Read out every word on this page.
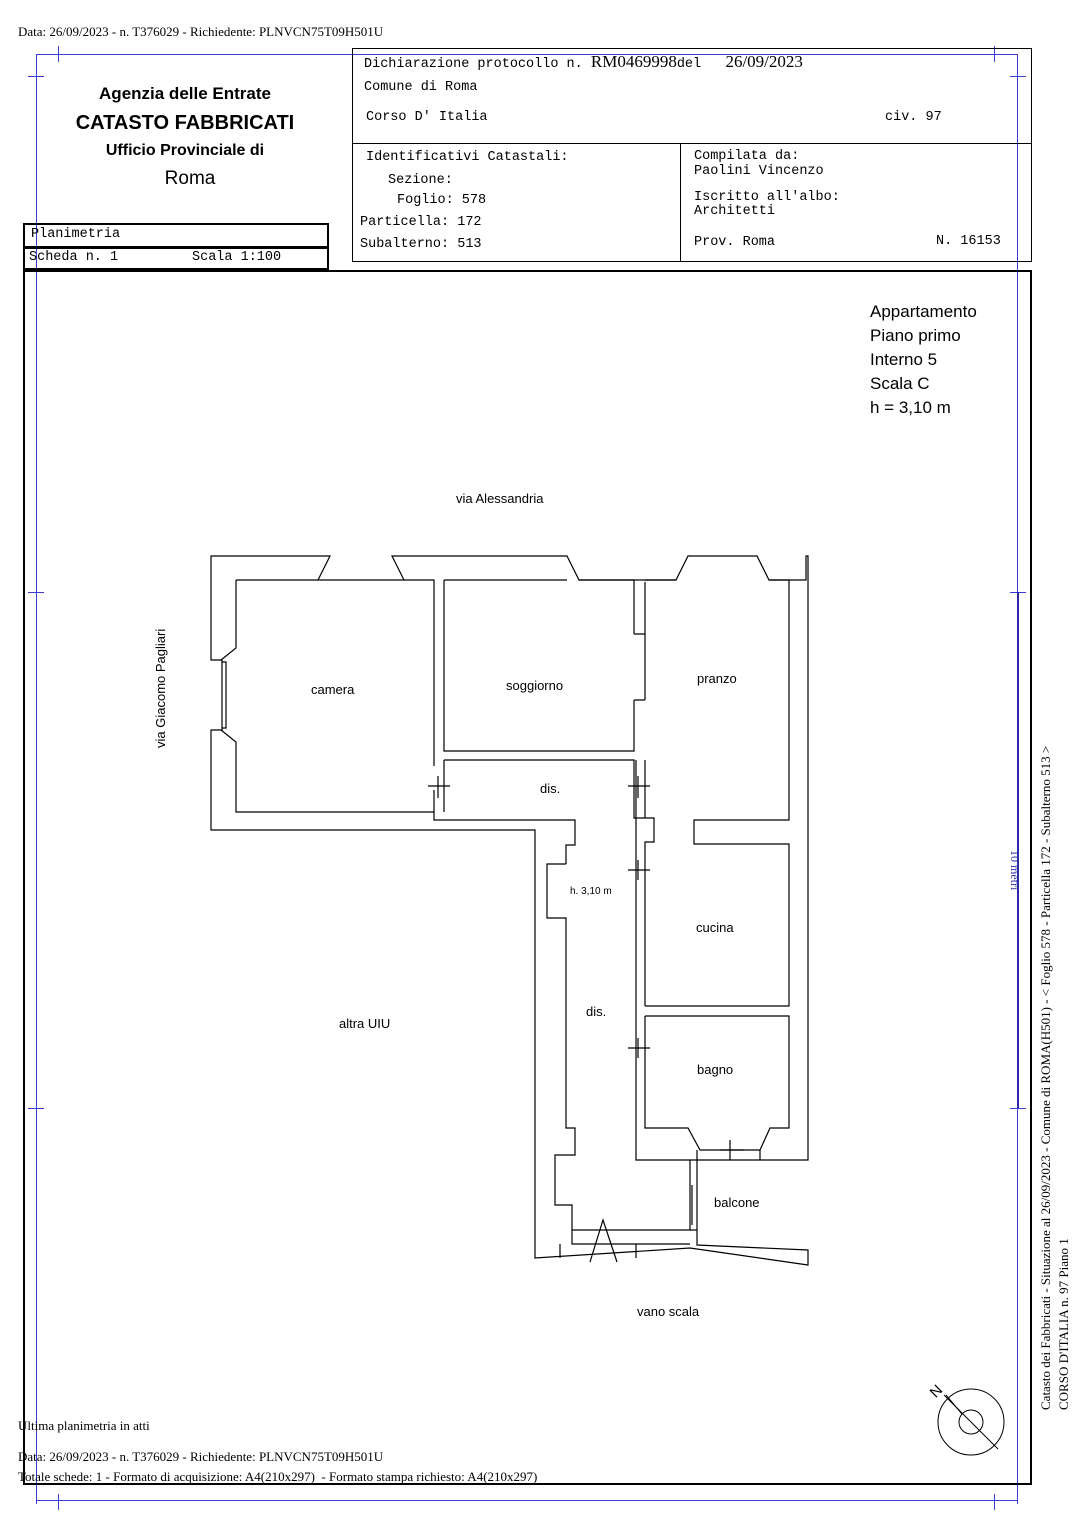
Data: 26/09/2023 - n. T376029 - Richiedente: PLNVCN75T09H501U
Agenzia delle Entrate
CATASTO FABBRICATI
Ufficio Provinciale di
Roma
Dichiarazione protocollo n. RM0469998del 26/09/2023
Comune di Roma
Corso D' Italia	civ. 97
Identificativi Catastali:
Sezione:
Foglio: 578
Particella: 172
Subalterno: 513
Compilata da:
Paolini Vincenzo
Iscritto all'albo:
Architetti
Prov. Roma	N. 16153
Planimetria
Scheda n. 1	Scala 1:100
Appartamento
Piano primo
Interno 5
Scala C
h = 3,10 m
N
10 metri
via Alessandria
via Giacomo Pagliari	camera	soggiorno	pranzo
dis.
h. 3,10 m
cucina
dis.
bagno
balcone
altra UIU
vano scala	Catasto dei Fabbricati - Situazione al 26/09/2023 - Comune di ROMA(H501) - < Foglio 578 - Particella 172 - Subalterno 513 > CORSO D'ITALIA n. 97 Piano 1
Ultima planimetria in atti
Data: 26/09/2023 - n. T376029 - Richiedente: PLNVCN75T09H501U
Totale schede: 1 - Formato di acquisizione: A4(210x297)  - Formato stampa richiesto: A4(210x297)
